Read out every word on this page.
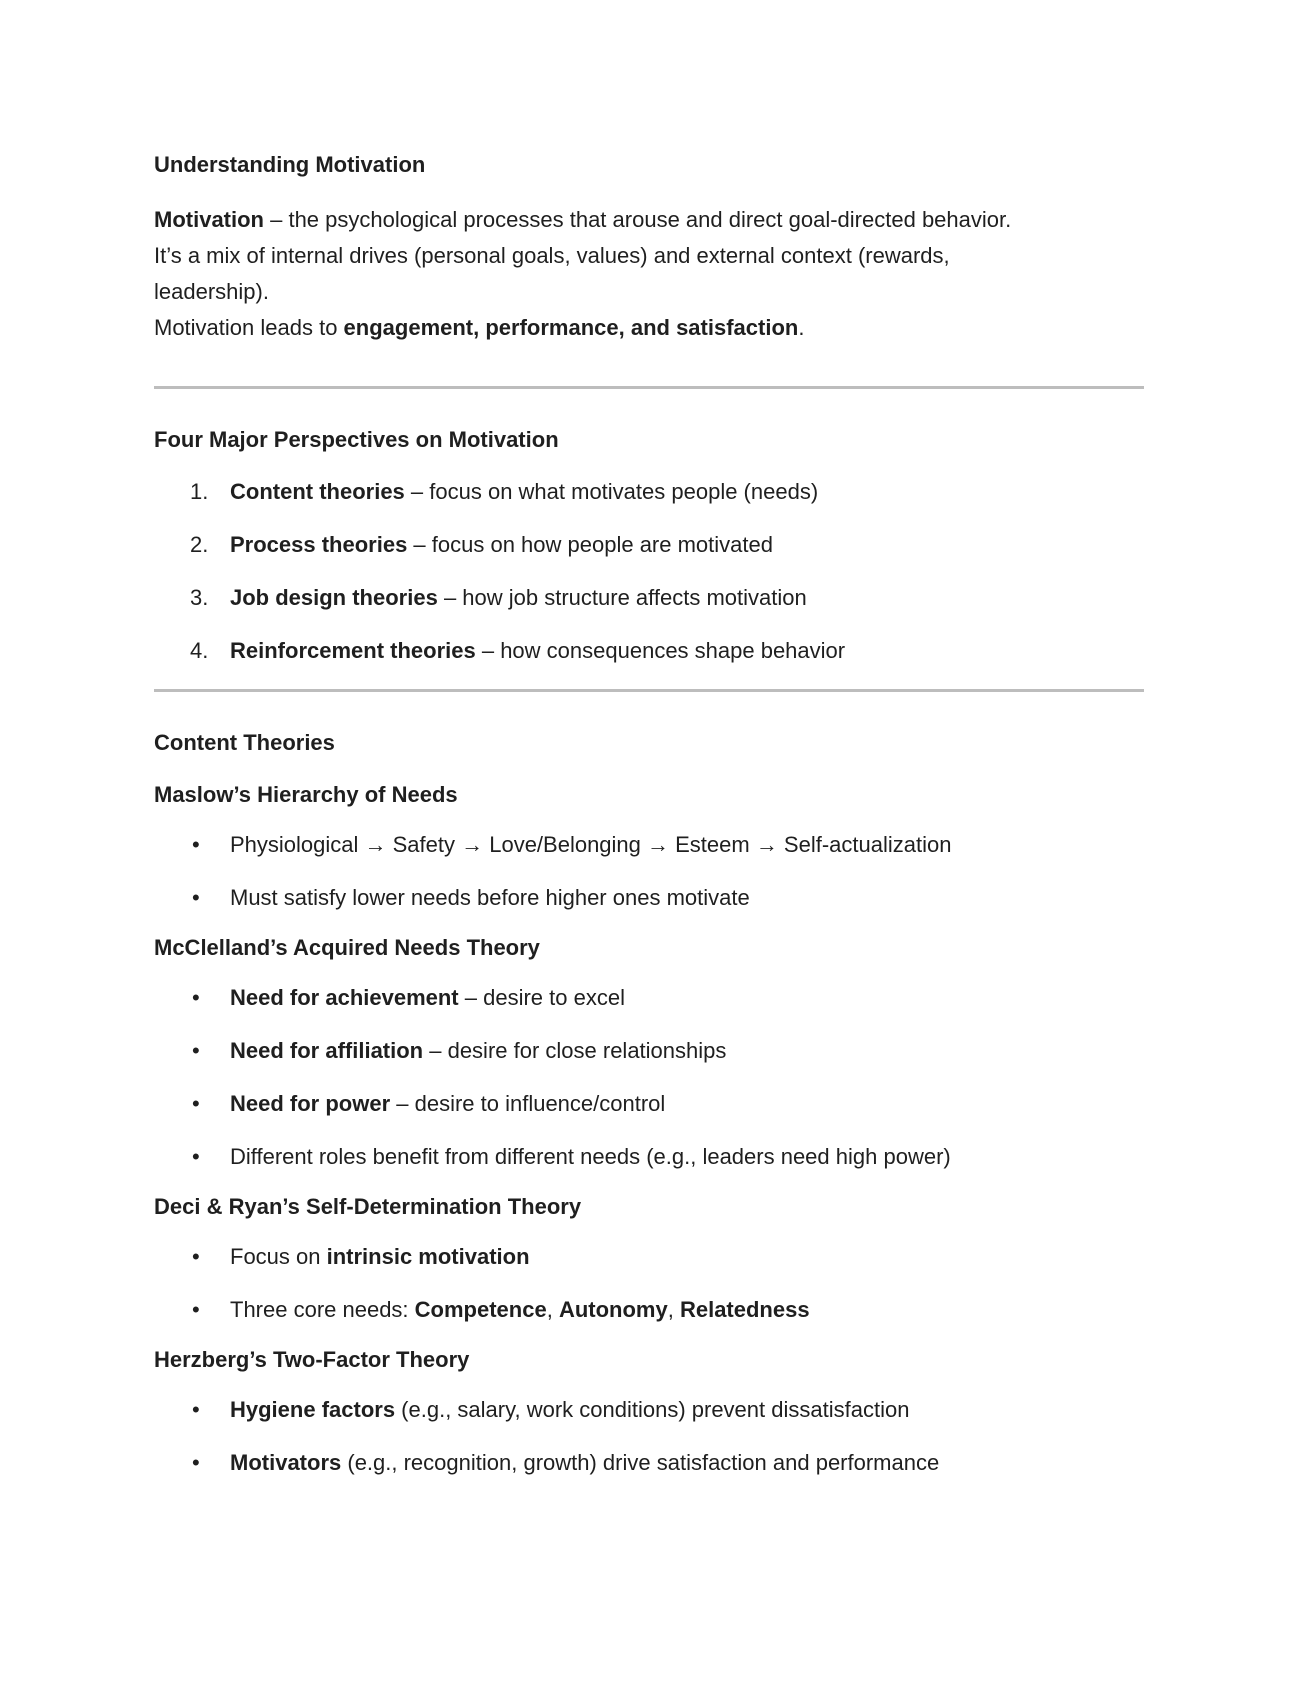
Understanding Motivation

Motivation – the psychological processes that arouse and direct goal-directed behavior.
It’s a mix of internal drives (personal goals, values) and external context (rewards,
leadership).
Motivation leads to engagement, performance, and satisfaction.

Four Major Perspectives on Motivation
1. Content theories – focus on what motivates people (needs)
2. Process theories – focus on how people are motivated
3. Job design theories – how job structure affects motivation
4. Reinforcement theories – how consequences shape behavior
Content Theories
Maslow’s Hierarchy of Needs
•	Physiological → Safety → Love/Belonging → Esteem → Self-actualization
•	Must satisfy lower needs before higher ones motivate
McClelland’s Acquired Needs Theory
•	Need for achievement – desire to excel
•	Need for affiliation – desire for close relationships
•	Need for power – desire to influence/control
•	Different roles benefit from different needs (e.g., leaders need high power)
Deci & Ryan’s Self-Determination Theory
•	Focus on intrinsic motivation
•	Three core needs: Competence, Autonomy, Relatedness
Herzberg’s Two-Factor Theory
•	Hygiene factors (e.g., salary, work conditions) prevent dissatisfaction
•	Motivators (e.g., recognition, growth) drive satisfaction and performance
